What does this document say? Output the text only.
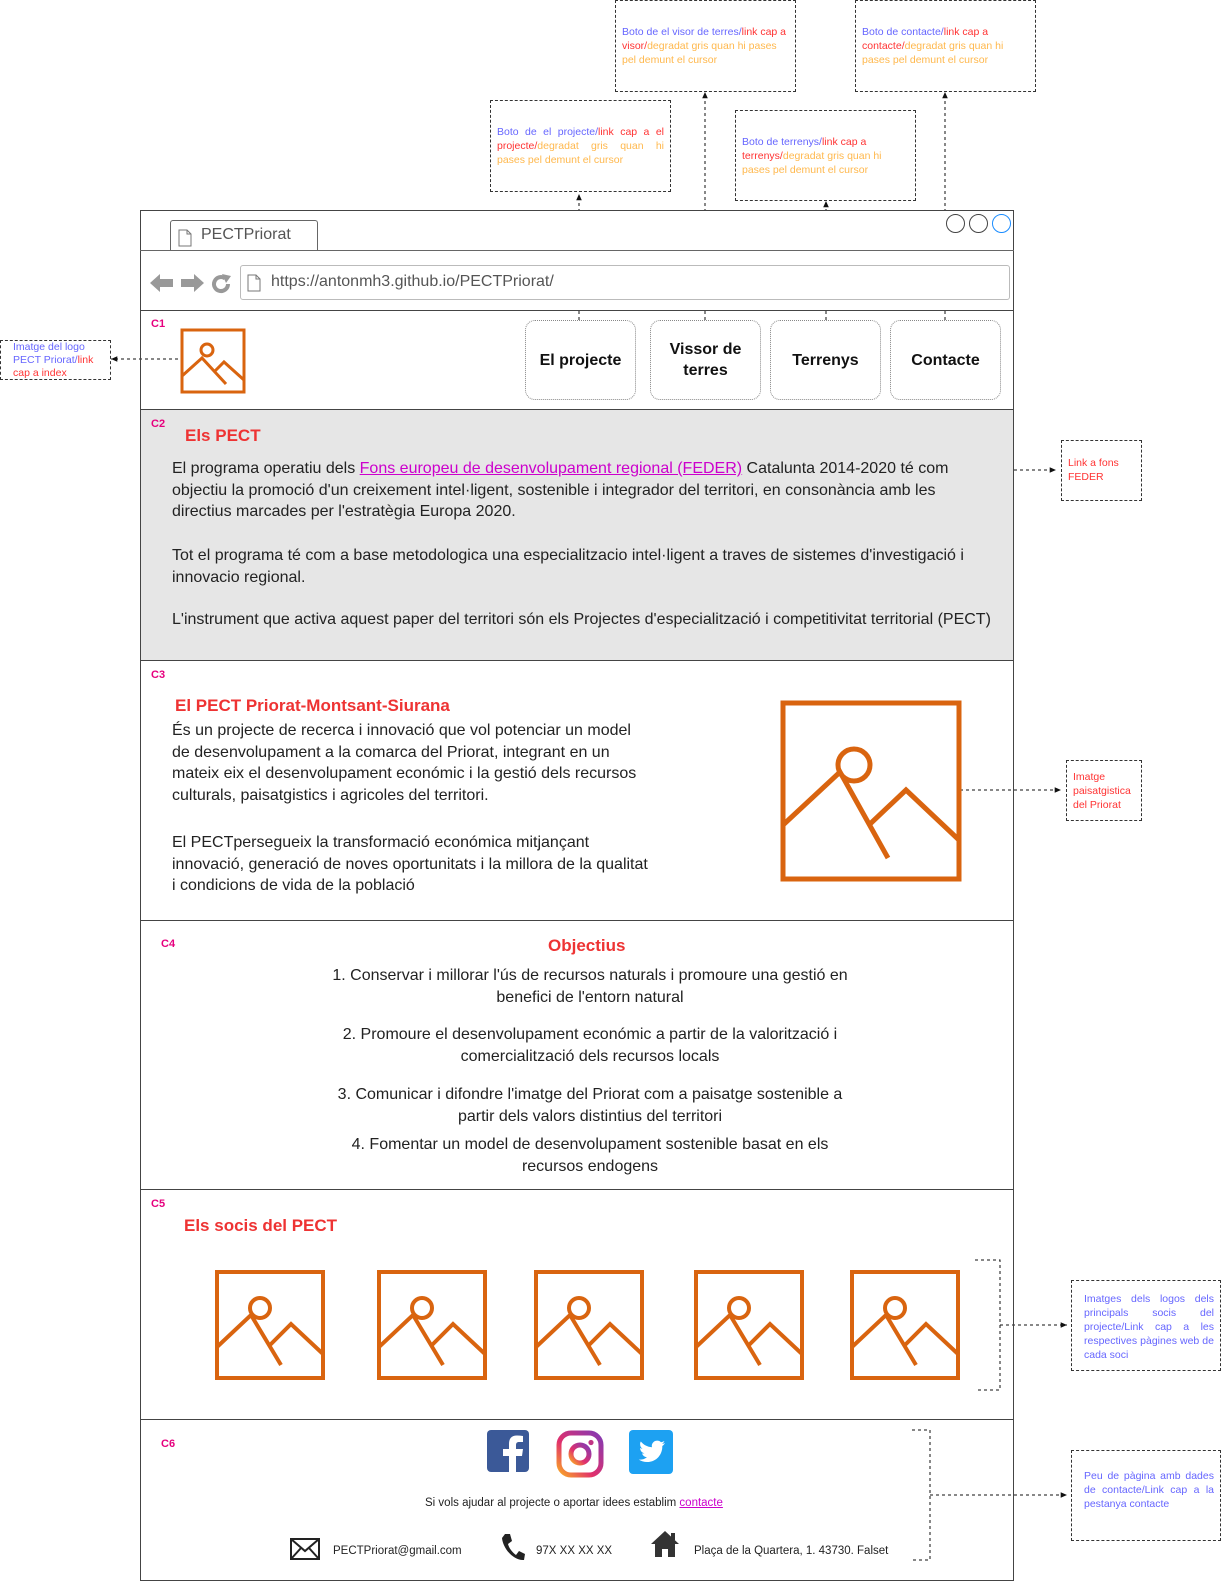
Boto de el visor de terres/link cap a visor/degradat gris quan hi pases pel demunt el cursor
Boto de contacte/link cap a contacte/degradat gris quan hi pases pel demunt el cursor
Boto de el projecte/link cap a el projecte/degradat gris quan hi pases pel demunt el cursor
Boto de terrenys/link cap a terrenys/degradat gris quan hi pases pel demunt el cursor
Imatge del logo PECT Priorat/link cap a index
Link a fons FEDER
Imatge paisatgistica del Priorat
Imatges dels logos dels principals socis del projecte/Link cap a les respectives pàgines web de cada soci
Peu de pàgina amb dades de contacte/Link cap a la pestanya contacte
PECTPriorat
https://antonmh3.github.io/PECTPriorat/
C1
El projecte
Vissor de
terres
Terrenys	Contacte
C2
Els PECT
El programa operatiu dels Fons europeu de desenvolupament regional (FEDER) Catalunta 2014-2020 té com objectiu la promoció d'un creixement intel·ligent, sostenible i integrador del territori, en consonància amb les directius marcades per l'estratègia Europa 2020.
Tot el programa té com a base metodologica una especialitzacio intel·ligent a traves de sistemes d'investigació i innovacio regional.
L'instrument que activa aquest paper del territori són els Projectes d'especialització i competitivitat territorial (PECT)
C3
El PECT Priorat-Montsant-Siurana
És un projecte de recerca i innovació que vol potenciar un model de desenvolupament a la comarca del Priorat, integrant en un mateix eix el desenvolupament económic i la gestió dels recursos culturals, paisatgistics i agricoles del territori.
El PECTpersegueix la transformació económica mitjançant innovació, generació de noves oportunitats i la millora de la qualitat i condicions de vida de la població
C4	Objectius
1. Conservar i millorar l'ús de recursos naturals i promoure una gestió en benefici de l'entorn natural
2. Promoure el desenvolupament económic a partir de la valorització i comercialització dels recursos locals
3. Comunicar i difondre l'imatge del Priorat com a paisatge sostenible a partir dels valors distintius del territori
4. Fomentar un model de desenvolupament sostenible basat en els recursos endogens
C5
Els socis del PECT
C6
Si vols ajudar al projecte o aportar idees establim contacte
PECTPriorat@gmail.com	97X XX XX XX	Plaça de la Quartera, 1. 43730. Falset
